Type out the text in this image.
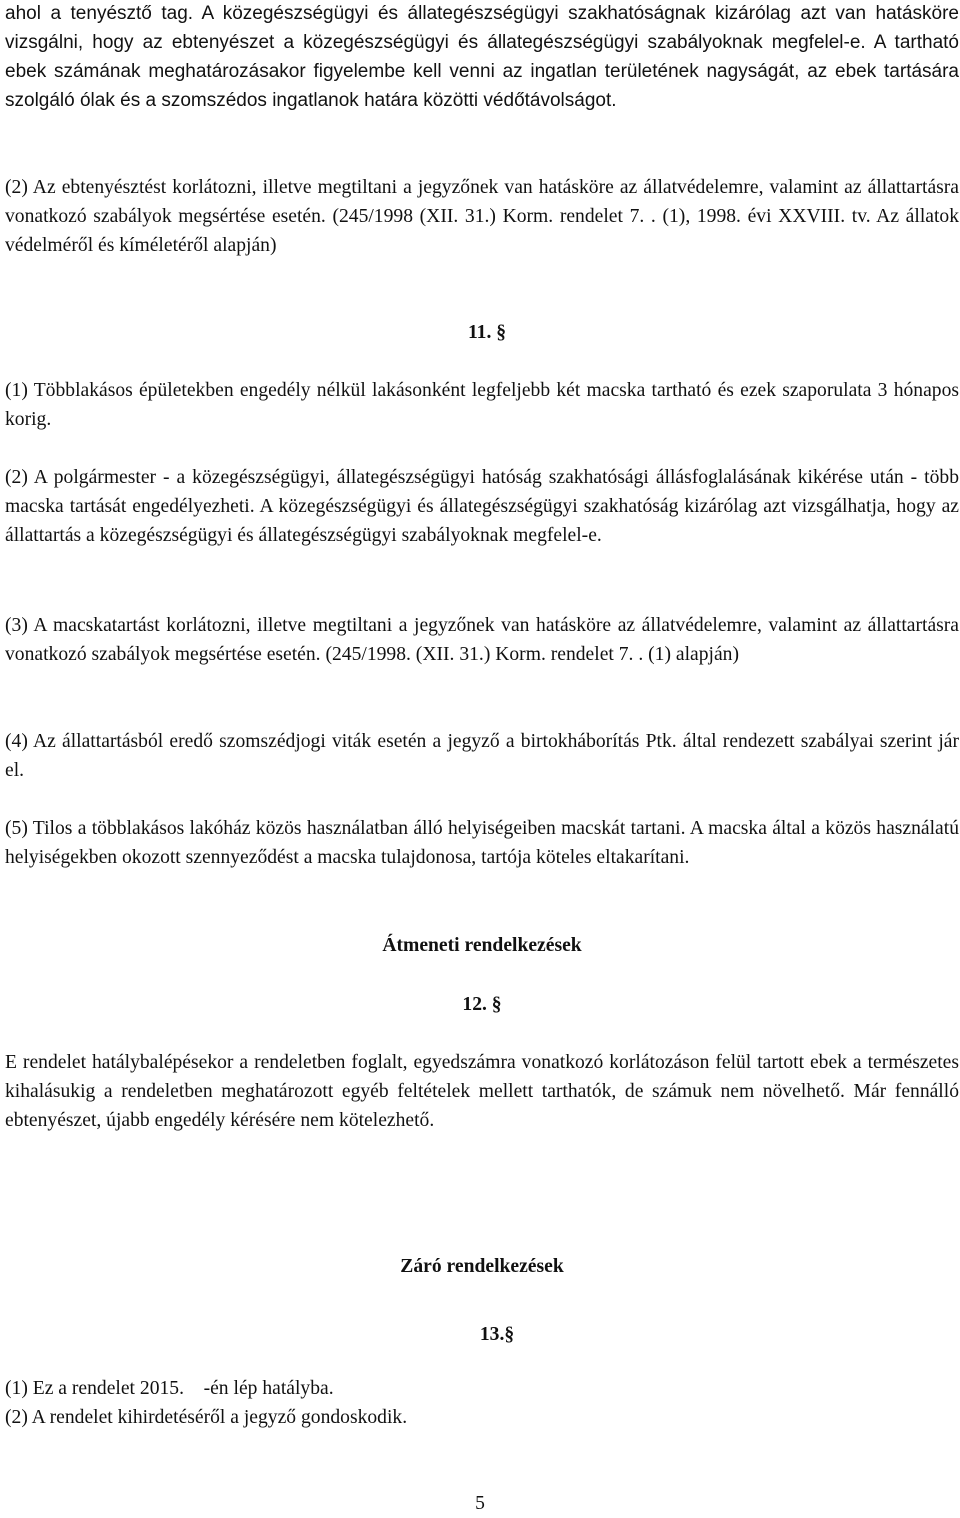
ahol a tenyésztő tag. A közegészségügyi és állategészségügyi szakhatóságnak kizárólag azt van hatásköre vizsgálni, hogy az ebtenyészet a közegészségügyi és állategészségügyi szabályoknak megfelel-e. A tartható ebek számának meghatározásakor figyelembe kell venni az ingatlan területének nagyságát, az ebek tartására szolgáló ólak és a szomszédos ingatlanok határa közötti védőtávolságot.

(2) Az ebtenyésztést korlátozni, illetve megtiltani a jegyzőnek van hatásköre az állatvédelemre, valamint az állattartásra vonatkozó szabályok megsértése esetén. (245/1998 (XII. 31.) Korm. rendelet 7. . (1), 1998. évi XXVIII. tv. Az állatok védelméről és kíméletéről alapján)

11. §

(1) Többlakásos épületekben engedély nélkül lakásonként legfeljebb két macska tartható és ezek szaporulata 3 hónapos korig.

(2) A polgármester - a közegészségügyi, állategészségügyi hatóság szakhatósági állásfoglalásának kikérése után - több macska tartását engedélyezheti. A közegészségügyi és állategészségügyi szakhatóság kizárólag azt vizsgálhatja, hogy az állattartás a közegészségügyi és állategészségügyi szabályoknak megfelel-e.

(3) A macskatartást korlátozni, illetve megtiltani a jegyzőnek van hatásköre az állatvédelemre, valamint az állattartásra vonatkozó szabályok megsértése esetén. (245/1998. (XII. 31.) Korm. rendelet 7. . (1) alapján)

(4) Az állattartásból eredő szomszédjogi viták esetén a jegyző a birtokháborítás Ptk. által rendezett szabályai szerint jár el.

(5) Tilos a többlakásos lakóház közös használatban álló helyiségeiben macskát tartani. A macska által a közös használatú helyiségekben okozott szennyeződést a macska tulajdonosa, tartója köteles eltakarítani.

Átmeneti rendelkezések

12. §

E rendelet hatálybalépésekor a rendeletben foglalt, egyedszámra vonatkozó korlátozáson felül tartott ebek a természetes kihalásukig a rendeletben meghatározott egyéb feltételek mellett tarthatók, de számuk nem növelhető. Már fennálló ebtenyészet, újabb engedély kérésére nem kötelezhető.

Záró rendelkezések

13.§

(1) Ez a rendelet 2015.    -én lép hatályba.

(2) A rendelet kihirdetéséről a jegyző gondoskodik.

5
